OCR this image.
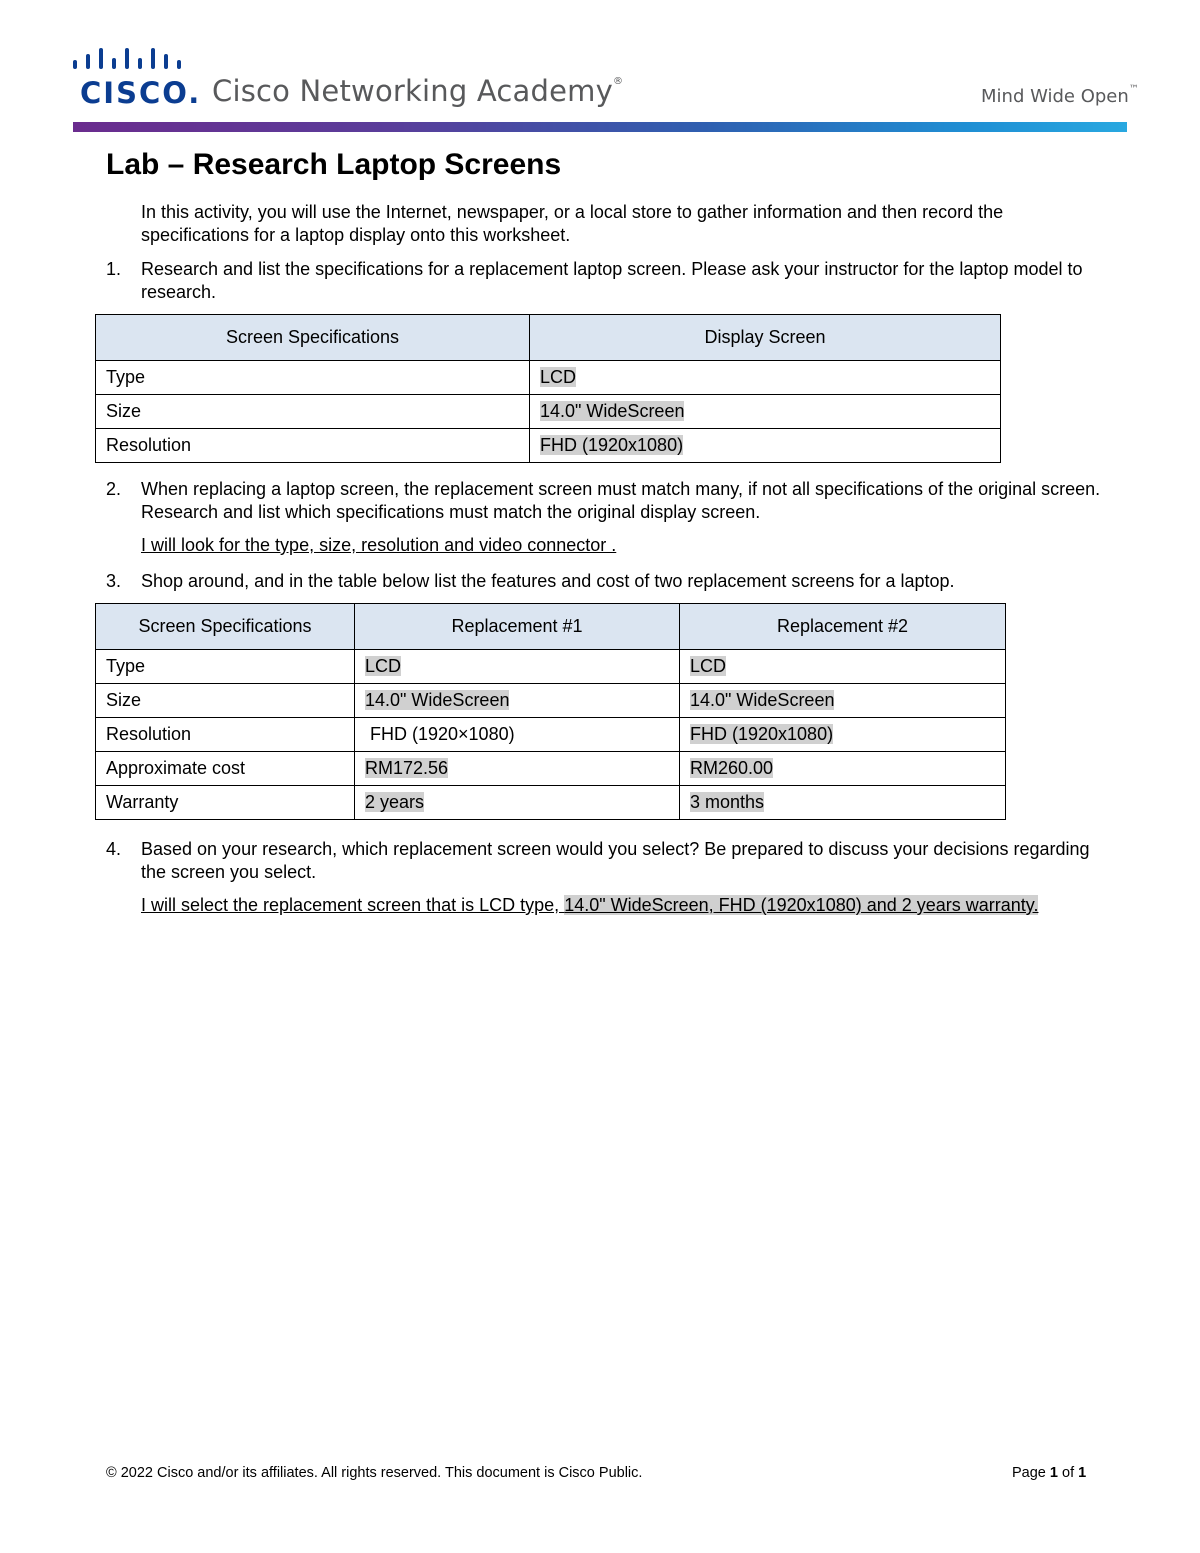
CISCO. Cisco Networking Academy ®
Mind Wide Open ™
Lab – Research Laptop Screens

In this activity, you will use the Internet, newspaper, or a local store to gather information and then record the specifications for a laptop display onto this worksheet.

1. Research and list the specifications for a replacement laptop screen. Please ask your instructor for the laptop model to research.

Screen Specifications	Display Screen
Type	LCD
Size	14.0" WideScreen
Resolution	FHD (1920x1080)
2. When replacing a laptop screen, the replacement screen must match many, if not all specifications of the original screen. Research and list which specifications must match the original display screen.

I will look for the type, size, resolution and video connector .

3. Shop around, and in the table below list the features and cost of two replacement screens for a laptop.

Screen Specifications	Replacement #1	Replacement #2
Type	LCD	LCD
Size	14.0" WideScreen	14.0" WideScreen
Resolution	FHD (1920×1080)	FHD (1920x1080)
Approximate cost	RM172.56	RM260.00
Warranty	2 years	3 months
4. Based on your research, which replacement screen would you select? Be prepared to discuss your decisions regarding the screen you select.

I will select the replacement screen that is LCD type, 14.0" WideScreen, FHD (1920x1080) and 2 years warranty.

© 2022 Cisco and/or its affiliates. All rights reserved. This document is Cisco Public.	Page 1 of 1
